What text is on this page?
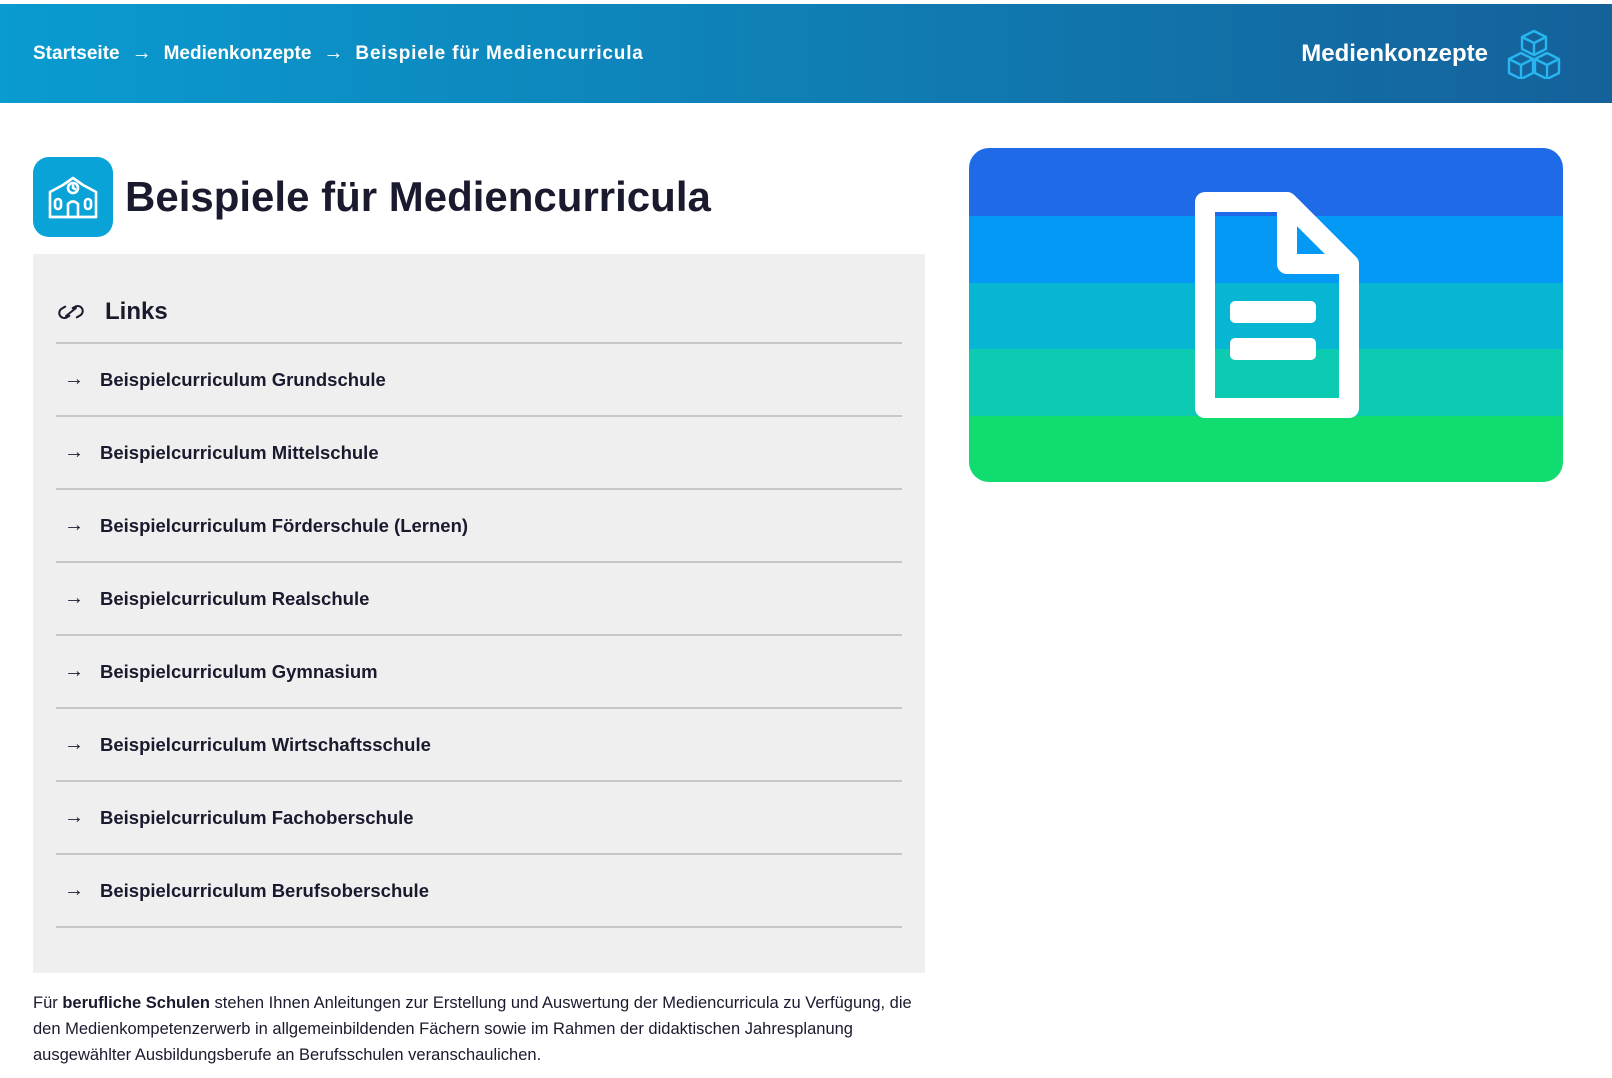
Startseite → Medienkonzepte → Beispiele für Mediencurricula	Medienkonzepte
Beispiele für Mediencurricula
Links
→ Beispielcurriculum Grundschule
→ Beispielcurriculum Mittelschule
→ Beispielcurriculum Förderschule (Lernen)
→ Beispielcurriculum Realschule
→ Beispielcurriculum Gymnasium
→ Beispielcurriculum Wirtschaftsschule
→ Beispielcurriculum Fachoberschule
→ Beispielcurriculum Berufsoberschule

Für berufliche Schulen stehen Ihnen Anleitungen zur Erstellung und Auswertung der Mediencurricula zu Verfügung, die den Medienkompetenzerwerb in allgemeinbildenden Fächern sowie im Rahmen der didaktischen Jahresplanung ausgewählter Ausbildungsberufe an Berufsschulen veranschaulichen.
